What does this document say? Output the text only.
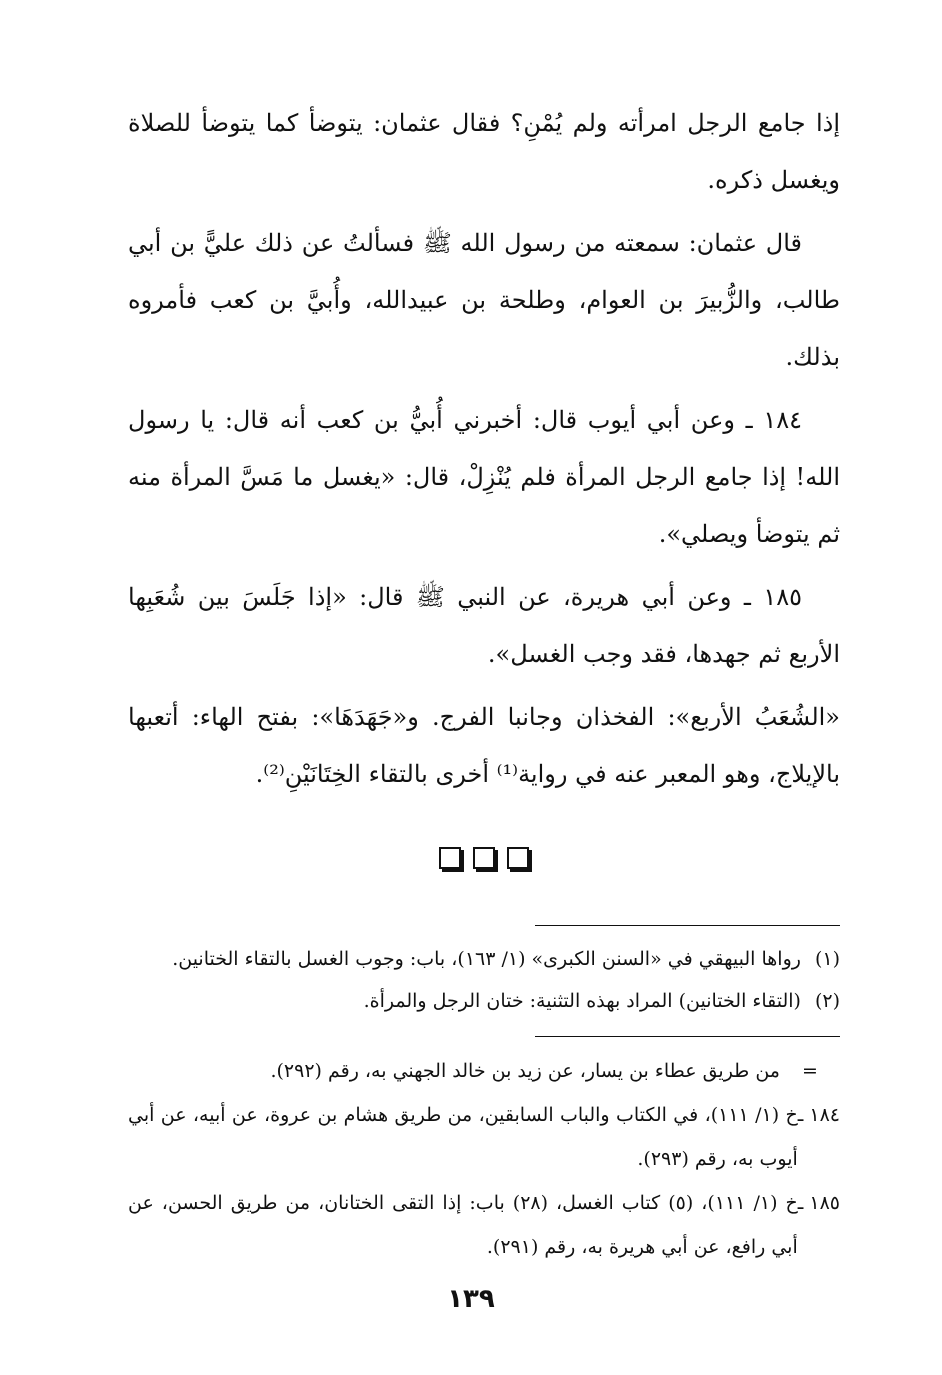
إذا جامع الرجل امرأته ولم يُمْنِ؟ فقال عثمان: يتوضأ كما يتوضأ للصلاة ويغسل ذكره.

قال عثمان: سمعته من رسول الله ﷺ فسألتُ عن ذلك عليًّ بن أبي طالب، والزُّبيرَ بن العوام، وطلحة بن عبيدالله، وأُبيَّ بن كعب فأمروه بذلك.

١٨٤ ـ وعن أبي أيوب قال: أخبرني أُبيُّ بن كعب أنه قال: يا رسول الله! إذا جامع الرجل المرأة فلم يُنْزِلْ، قال: «يغسل ما مَسَّ المرأة منه ثم يتوضأ ويصلي».

١٨٥ ـ وعن أبي هريرة، عن النبي ﷺ قال: «إذا جَلَسَ بين شُعَبِها الأربع ثم جهدها، فقد وجب الغسل».

«الشُعَبُ الأربع»: الفخذان وجانبا الفرج. و«جَهَدَهَا»: بفتح الهاء: أتعبها بالإيلاج، وهو المعبر عنه في رواية⁽¹⁾ أخرى بالتقاء الخِتَانَيْنِ⁽²⁾.

(١)
رواها البيهقي في «السنن الكبرى» (١/ ١٦٣)، باب: وجوب الغسل بالتقاء الختانين.
(٢)
(التقاء الختانين) المراد بهذه التثنية: ختان الرجل والمرأة.
=
من طريق عطاء بن يسار، عن زيد بن خالد الجهني به، رقم (٢٩٢).
١٨٤ ـ
خ (١/ ١١١)، في الكتاب والباب السابقين، من طريق هشام بن عروة، عن أبيه، عن أبي أيوب به، رقم (٢٩٣).
١٨٥ ـ
خ (١/ ١١١)، (٥) كتاب الغسل، (٢٨) باب: إذا التقى الختانان، من طريق الحسن، عن أبي رافع، عن أبي هريرة به، رقم (٢٩١).
١٣٩
